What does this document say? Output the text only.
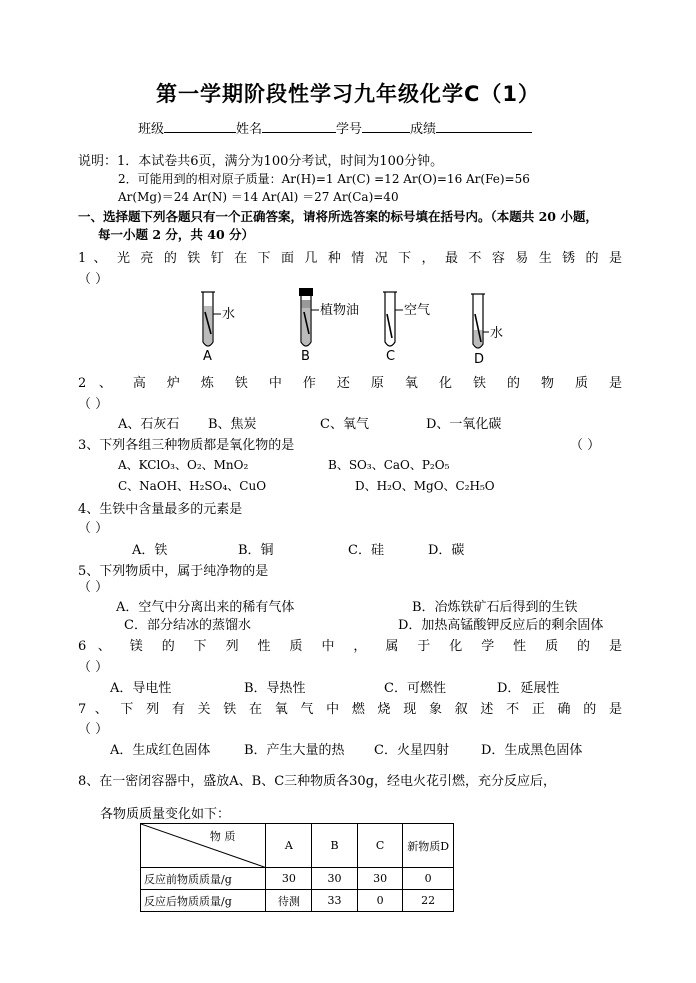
第一学期阶段性学习九年级化学C（1）
班级	姓名	学号	成绩
说明：1．本试卷共6页，满分为100分考试，时间为100分钟。
2．可能用到的相对原子质量：Ar(H)=1 Ar(C) =12 Ar(O)=16 Ar(Fe)=56
Ar(Mg)＝24 Ar(N) ＝14 Ar(Al) ＝27 Ar(Ca)=40
一、选择题下列各题只有一个正确答案，请将所选答案的标号填在括号内。（本题共 20 小题，
每一小题 2 分，共 40 分）
1 、 光 亮 的 铁 钉 在 下 面 几 种 情 况 下 ， 最 不 容 易 生 锈 的 是
（ ）
水	植物油	空气
水
A	B	C	D
2 、 高 炉 炼 铁 中 作 还 原 氧 化 铁 的 物 质 是
（ ）
A、石灰石 B、焦炭	C、氧气	D、一氧化碳
3、下列各组三种物质都是氧化物的是	（ ）
A、KClO₃、O₂、MnO₂	B、SO₃、CaO、P₂O₅
C、NaOH、H₂SO₄、CuO	D、H₂O、MgO、C₂H₅O
4、生铁中含量最多的元素是
（ ）
A．铁	B．铜	C．硅	D．碳
5、下列物质中，属于纯净物的是
（ ）
A．空气中分离出来的稀有气体	B．冶炼铁矿石后得到的生铁
C．部分结冰的蒸馏水	D．加热高锰酸钾反应后的剩余固体
6 、 镁 的 下 列 性 质 中 ， 属 于 化 学 性 质 的 是
（ ）
A．导电性	B．导热性	C．可燃性	D．延展性
7 、 下 列 有 关 铁 在 氧 气 中 燃 烧 现 象 叙 述 不 正 确 的 是
（ ）
A．生成红色固体	B．产生大量的热 C．火星四射 D．生成黑色固体
8、在一密闭容器中，盛放A、B、C三种物质各30g，经电火花引燃，充分反应后，
各物质质量变化如下：
物 质	A	B	C	新物质D
反应前物质质量/g	30	30	30	0
反应后物质质量/g	待测	33	0	22
